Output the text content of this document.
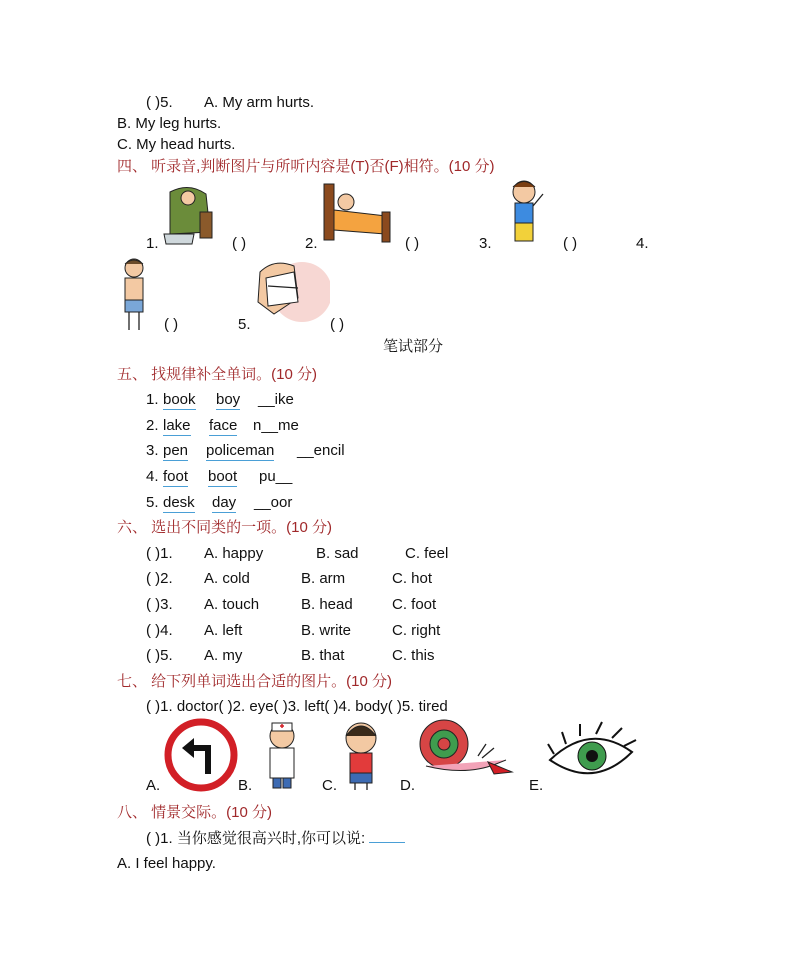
( )5. A. My arm hurts.
B. My leg hurts.
C. My head hurts.
四、 听录音,判断图片与所听内容是(T)否(F)相符。(10 分)
1.	( )	2.	( )	3.	( )	4.
( )	5.	( )
笔试部分
五、 找规律补全单词。(10 分)
1. book boy __ike
2. lake face n__me
3. pen policeman __encil
4. foot boot pu__
5. desk day __oor
六、 选出不同类的一项。(10 分)
( )1. A. happy	B. sad	C. feel
( )2. A. cold	B. arm	C. hot
( )3. A. touch	B. head	C. foot
( )4. A. left	B. write	C. right
( )5. A. my	B. that	C. this
七、 给下列单词选出合适的图片。(10 分)
( )1. doctor( )2. eye( )3. left( )4. body( )5. tired
A.	B.	C.	D.	E.
八、 情景交际。(10 分)
( )1. 当你感觉很高兴时,你可以说:
A. I feel happy.
